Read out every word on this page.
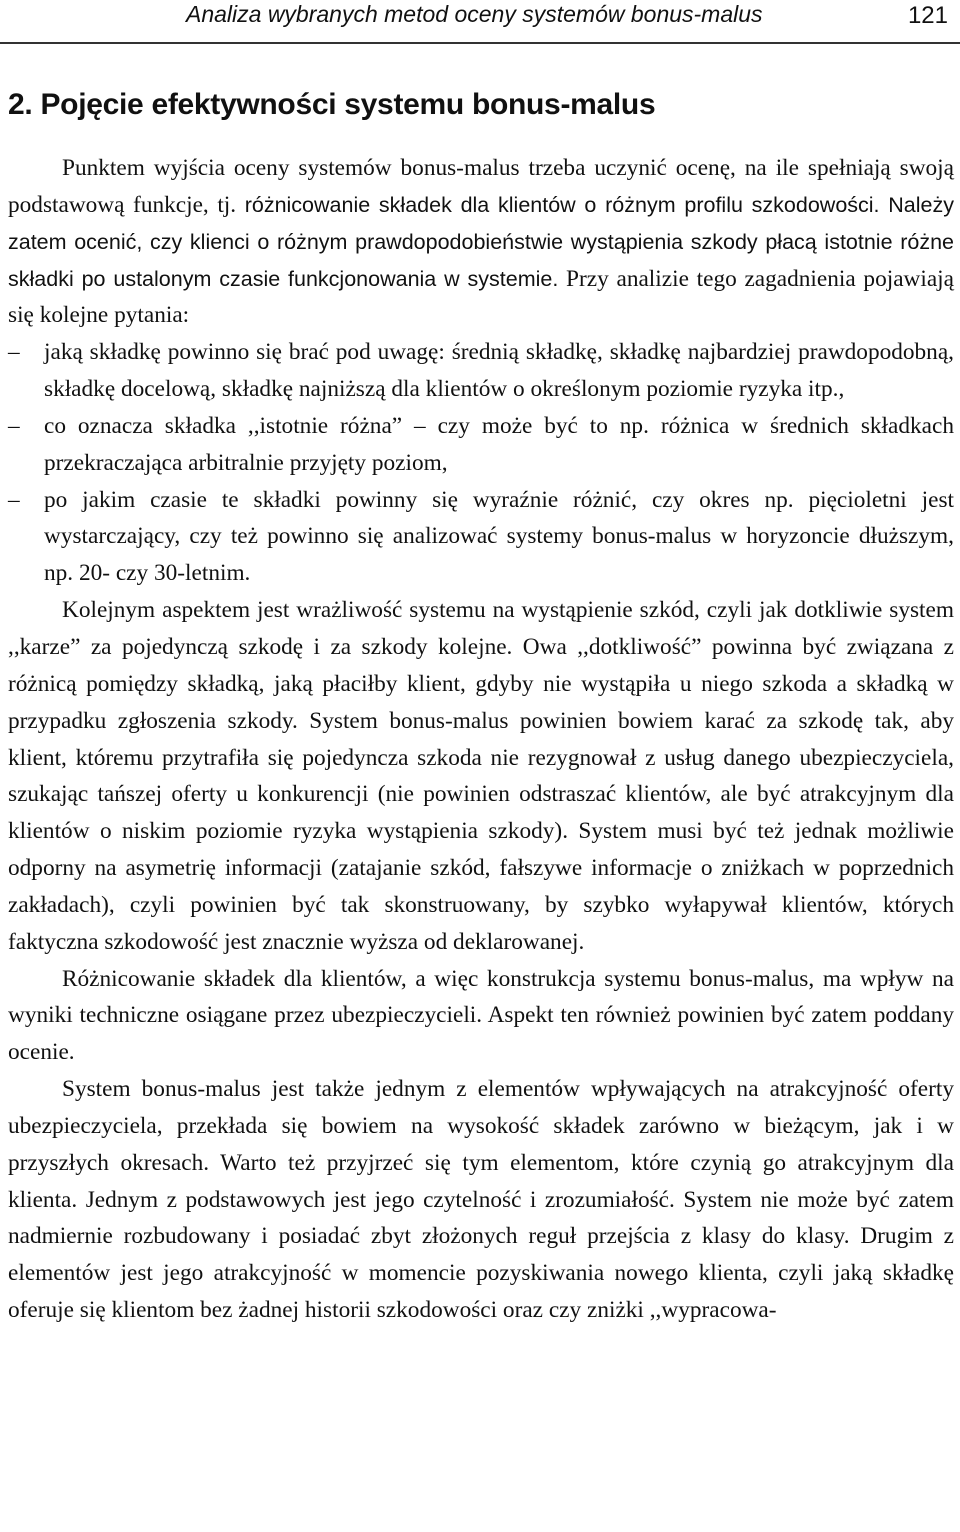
Analiza wybranych metod oceny systemów bonus-malus	121
2. Pojęcie efektywności systemu bonus-malus

Punktem wyjścia oceny systemów bonus-malus trzeba uczynić ocenę, na ile spełniają swoją podstawową funkcje, tj. różnicowanie składek dla klientów o różnym profilu szkodowości. Należy zatem ocenić, czy klienci o różnym prawdopodobieństwie wystąpienia szkody płacą istotnie różne składki po ustalonym czasie funkcjonowania w systemie. Przy analizie tego zagadnienia pojawiają się kolejne pytania:

– jaką składkę powinno się brać pod uwagę: średnią składkę, składkę najbardziej prawdopodobną, składkę docelową, składkę najniższą dla klientów o określonym poziomie ryzyka itp.,
– co oznacza składka ,,istotnie różna” – czy może być to np. różnica w średnich składkach przekraczająca arbitralnie przyjęty poziom,
– po jakim czasie te składki powinny się wyraźnie różnić, czy okres np. pięcioletni jest wystarczający, czy też powinno się analizować systemy bonus-malus w horyzoncie dłuższym, np. 20- czy 30-letnim.

Kolejnym aspektem jest wrażliwość systemu na wystąpienie szkód, czyli jak dotkliwie system ,,karze” za pojedynczą szkodę i za szkody kolejne. Owa ,,dotkliwość” powinna być związana z różnicą pomiędzy składką, jaką płaciłby klient, gdyby nie wystąpiła u niego szkoda a składką w przypadku zgłoszenia szkody. System bonus-malus powinien bowiem karać za szkodę tak, aby klient, któremu przytrafiła się pojedyncza szkoda nie rezygnował z usług danego ubezpieczyciela, szukając tańszej oferty u konkurencji (nie powinien odstraszać klientów, ale być atrakcyjnym dla klientów o niskim poziomie ryzyka wystąpienia szkody). System musi być też jednak możliwie odporny na asymetrię informacji (zatajanie szkód, fałszywe informacje o zniżkach w poprzednich zakładach), czyli powinien być tak skonstruowany, by szybko wyłapywał klientów, których faktyczna szkodowość jest znacznie wyższa od deklarowanej.

Różnicowanie składek dla klientów, a więc konstrukcja systemu bonus-malus, ma wpływ na wyniki techniczne osiągane przez ubezpieczycieli. Aspekt ten również powinien być zatem poddany ocenie.

System bonus-malus jest także jednym z elementów wpływających na atrakcyjność oferty ubezpieczyciela, przekłada się bowiem na wysokość składek zarówno w bieżącym, jak i w przyszłych okresach. Warto też przyjrzeć się tym elementom, które czynią go atrakcyjnym dla klienta. Jednym z podstawowych jest jego czytelność i zrozumiałość. System nie może być zatem nadmiernie rozbudowany i posiadać zbyt złożonych reguł przejścia z klasy do klasy. Drugim z elementów jest jego atrakcyjność w momencie pozyskiwania nowego klienta, czyli jaką składkę oferuje się klientom bez żadnej historii szkodowości oraz czy zniżki ,,wypracowa-
